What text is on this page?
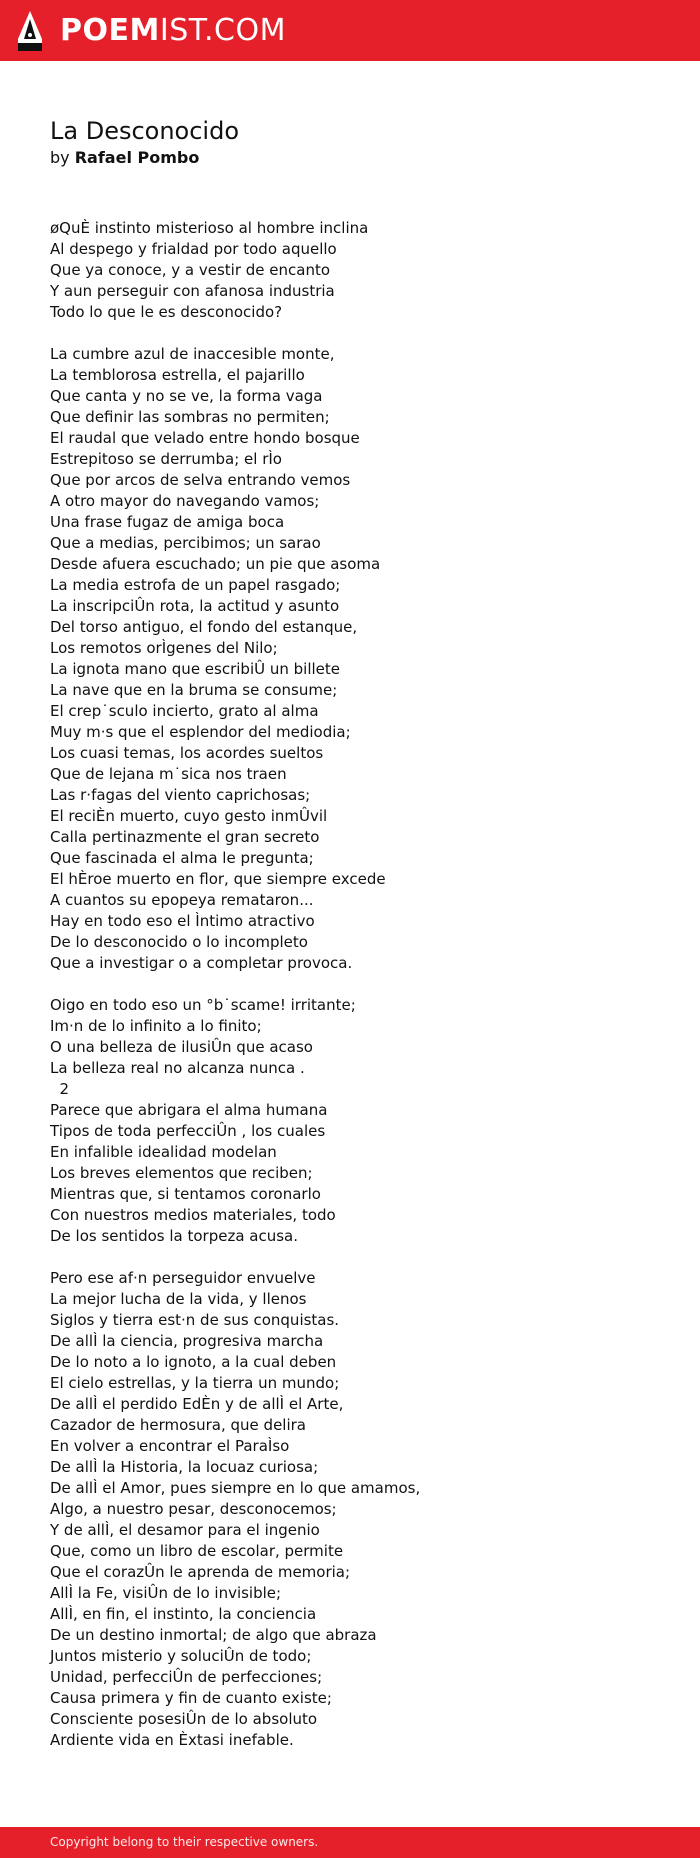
POEMIST.COM
La Desconocido
by Rafael Pombo
øQuÈ instinto misterioso al hombre inclina
Al despego y frialdad por todo aquello
Que ya conoce, y a vestir de encanto
Y aun perseguir con afanosa industria
Todo lo que le es desconocido?
La cumbre azul de inaccesible monte,
La temblorosa estrella, el pajarillo
Que canta y no se ve, la forma vaga
Que definir las sombras no permiten;
El raudal que velado entre hondo bosque
Estrepitoso se derrumba; el rÌo
Que por arcos de selva entrando vemos
A otro mayor do navegando vamos;
Una frase fugaz de amiga boca
Que a medias, percibimos; un sarao
Desde afuera escuchado; un pie que asoma
La media estrofa de un papel rasgado;
La inscripciÛn rota, la actitud y asunto
Del torso antiguo, el fondo del estanque,
Los remotos orÌgenes del Nilo;
La ignota mano que escribiÛ un billete
La nave que en la bruma se consume;
El crep˙sculo incierto, grato al alma
Muy m·s que el esplendor del mediodia;
Los cuasi temas, los acordes sueltos
Que de lejana m˙sica nos traen
Las r·fagas del viento caprichosas;
El reciÈn muerto, cuyo gesto inmÛvil
Calla pertinazmente el gran secreto
Que fascinada el alma le pregunta;
El hÈroe muerto en flor, que siempre excede
A cuantos su epopeya remataron...
Hay en todo eso el Ìntimo atractivo
De lo desconocido o lo incompleto
Que a investigar o a completar provoca.
Oigo en todo eso un °b˙scame! irritante;
Im·n de lo infinito a lo finito;
O una belleza de ilusiÛn que acaso
La belleza real no alcanza nunca .
2
Parece que abrigara el alma humana
Tipos de toda perfecciÛn , los cuales
En infalible idealidad modelan
Los breves elementos que reciben;
Mientras que, si tentamos coronarlo
Con nuestros medios materiales, todo
De los sentidos la torpeza acusa.
Pero ese af·n perseguidor envuelve
La mejor lucha de la vida, y llenos
Siglos y tierra est·n de sus conquistas.
De allÌ la ciencia, progresiva marcha
De lo noto a lo ignoto, a la cual deben
El cielo estrellas, y la tierra un mundo;
De allÌ el perdido EdÈn y de allÌ el Arte,
Cazador de hermosura, que delira
En volver a encontrar el ParaÌso
De allÌ la Historia, la locuaz curiosa;
De allÌ el Amor, pues siempre en lo que amamos,
Algo, a nuestro pesar, desconocemos;
Y de allÌ, el desamor para el ingenio
Que, como un libro de escolar, permite
Que el corazÛn le aprenda de memoria;
AllÌ la Fe, visiÛn de lo invisible;
AllÌ, en fin, el instinto, la conciencia
De un destino inmortal; de algo que abraza
Juntos misterio y soluciÛn de todo;
Unidad, perfecciÛn de perfecciones;
Causa primera y fin de cuanto existe;
Consciente posesiÛn de lo absoluto
Ardiente vida en Èxtasi inefable.
Copyright belong to their respective owners.
